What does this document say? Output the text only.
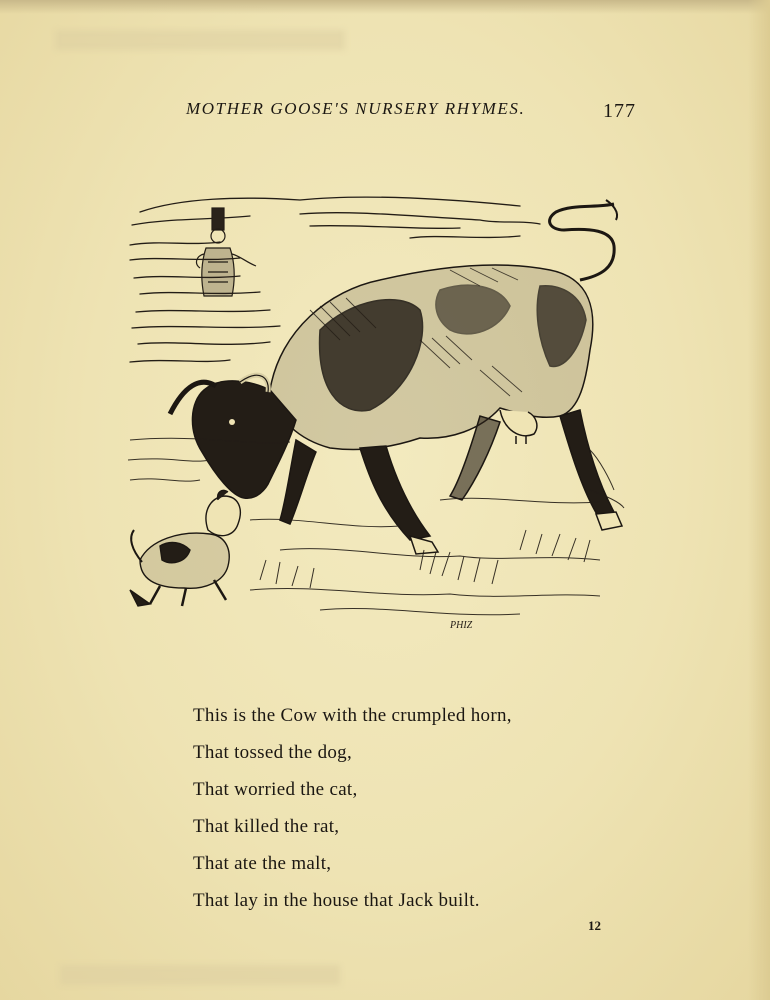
MOTHER GOOSE'S NURSERY RHYMES.	177
PHIZ
This is the Cow with the crumpled horn,
That tossed the dog,
That worried the cat,
That killed the rat,
That ate the malt,
That lay in the house that Jack built.
12
